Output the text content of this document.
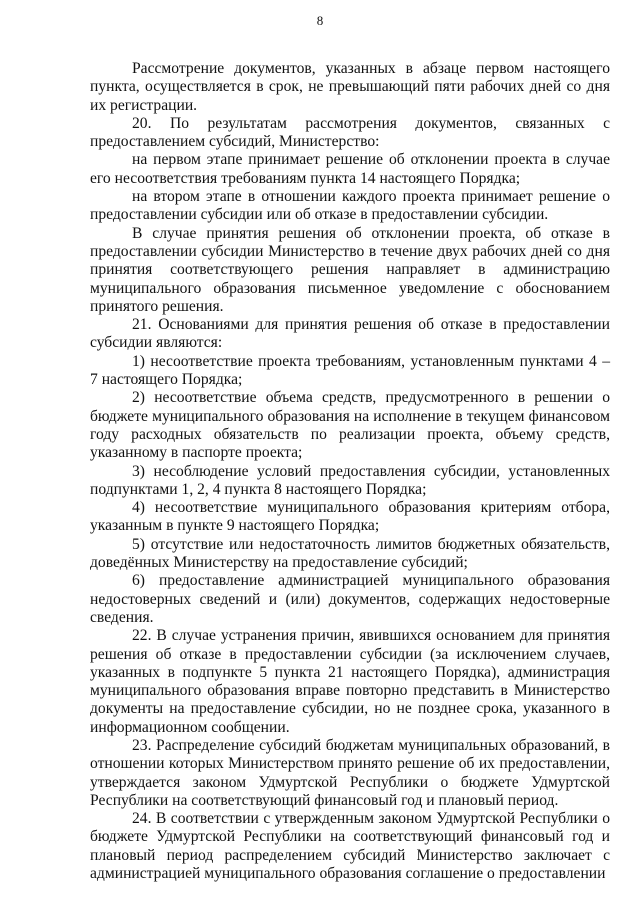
8

Рассмотрение документов, указанных в абзаце первом настоящего пункта, осуществляется в срок, не превышающий пяти рабочих дней со дня их регистрации.

20. По результатам рассмотрения документов, связанных с предоставлением субсидий, Министерство:

на первом этапе принимает решение об отклонении проекта в случае его несоответствия требованиям пункта 14 настоящего Порядка;

на втором этапе в отношении каждого проекта принимает решение о предоставлении субсидии или об отказе в предоставлении субсидии.

В случае принятия решения об отклонении проекта, об отказе в предоставлении субсидии Министерство в течение двух рабочих дней со дня принятия соответствующего решения направляет в администрацию муниципального образования письменное уведомление с обоснованием принятого решения.

21. Основаниями для принятия решения об отказе в предоставлении субсидии являются:

1) несоответствие проекта требованиям, установленным пунктами 4 – 7 настоящего Порядка;

2) несоответствие объема средств, предусмотренного в решении о бюджете муниципального образования на исполнение в текущем финансовом году расходных обязательств по реализации проекта, объему средств, указанному в паспорте проекта;

3) несоблюдение условий предоставления субсидии, установленных подпунктами 1, 2, 4 пункта 8 настоящего Порядка;

4) несоответствие муниципального образования критериям отбора, указанным в пункте 9 настоящего Порядка;

5) отсутствие или недостаточность лимитов бюджетных обязательств, доведённых Министерству на предоставление субсидий;

6) предоставление администрацией муниципального образования недостоверных сведений и (или) документов, содержащих недостоверные сведения.

22. В случае устранения причин, явившихся основанием для принятия решения об отказе в предоставлении субсидии (за исключением случаев, указанных в подпункте 5 пункта 21 настоящего Порядка), администрация муниципального образования вправе повторно представить в Министерство документы на предоставление субсидии, но не позднее срока, указанного в информационном сообщении.

23. Распределение субсидий бюджетам муниципальных образований, в отношении которых Министерством принято решение об их предоставлении, утверждается законом Удмуртской Республики о бюджете Удмуртской Республики на соответствующий финансовый год и плановый период.

24. В соответствии с утвержденным законом Удмуртской Республики о бюджете Удмуртской Республики на соответствующий финансовый год и плановый период распределением субсидий Министерство заключает с администрацией муниципального образования соглашение о предоставлении
